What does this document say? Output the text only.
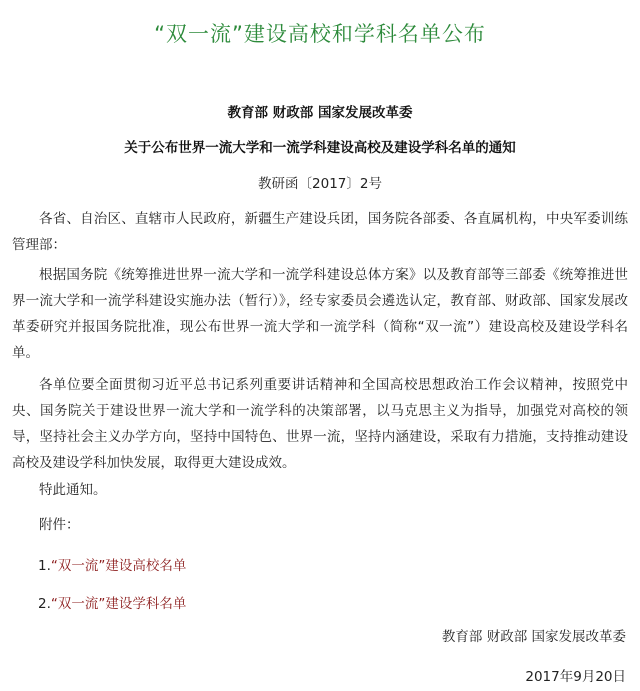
“双一流”建设高校和学科名单公布
教育部 财政部 国家发展改革委
关于公布世界一流大学和一流学科建设高校及建设学科名单的通知
教研函〔2017〕2号

各省、自治区、直辖市人民政府，新疆生产建设兵团，国务院各部委、各直属机构，中央军委训练管理部：

根据国务院《统筹推进世界一流大学和一流学科建设总体方案》以及教育部等三部委《统筹推进世界一流大学和一流学科建设实施办法（暂行）》，经专家委员会遴选认定，教育部、财政部、国家发展改革委研究并报国务院批准，现公布世界一流大学和一流学科（简称“双一流”）建设高校及建设学科名单。

各单位要全面贯彻习近平总书记系列重要讲话精神和全国高校思想政治工作会议精神，按照党中央、国务院关于建设世界一流大学和一流学科的决策部署，以马克思主义为指导，加强党对高校的领导，坚持社会主义办学方向，坚持中国特色、世界一流，坚持内涵建设，采取有力措施，支持推动建设高校及建设学科加快发展，取得更大建设成效。

特此通知。

附件：

1.“双一流”建设高校名单
2.“双一流”建设学科名单
教育部 财政部 国家发展改革委
2017年9月20日
